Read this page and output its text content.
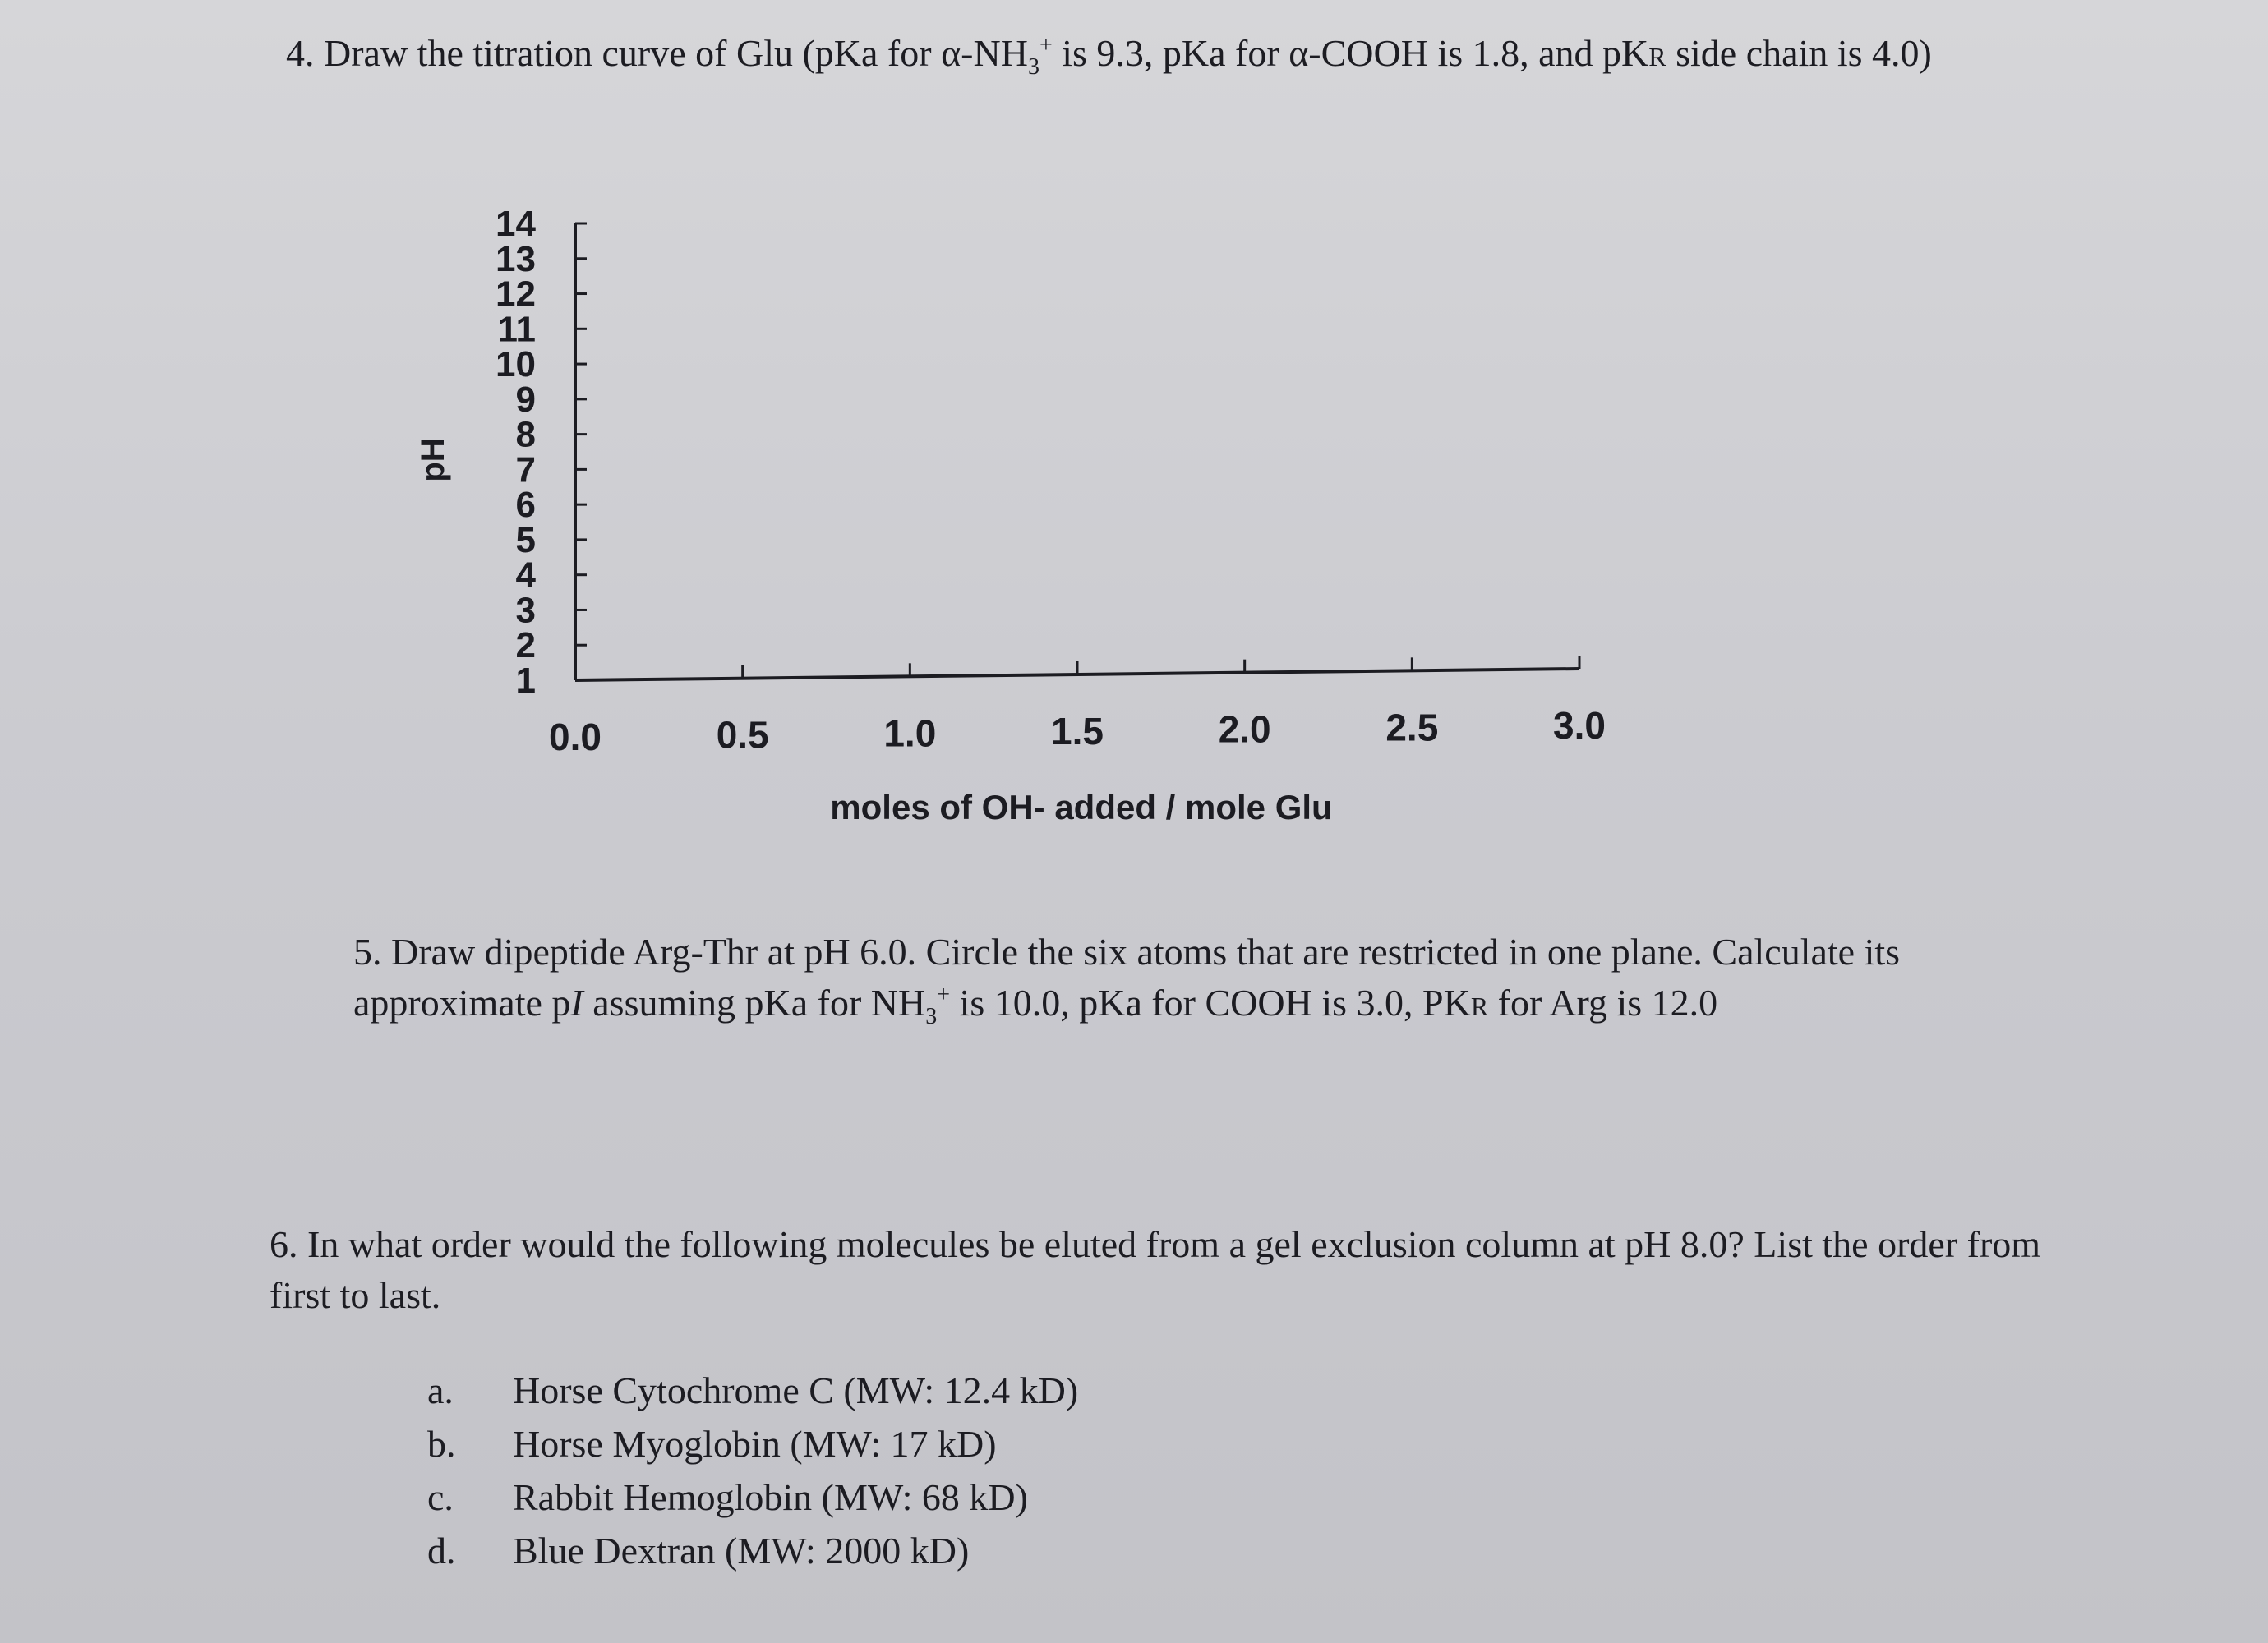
4. Draw the titration curve of Glu (pKa for $\alpha-NH_3^+$ is 9.3, pKa for α-COOH is 1.8, and pKR side chain is 4.0)
1
2
3
4
5
6
7
8
9
10
11
12
13
14
0.0	0.5	1.0	1.5	2.0	2.5	3.0
pH
moles of OH- added / mole Glu
5. Draw dipeptide Arg-Thr at pH 6.0. Circle the six atoms that are restricted in one plane. Calculate its approximate pI assuming pKa for $NH_3^+$ is 10.0, pKa for COOH is 3.0, PKR for Arg is 12.0
6. In what order would the following molecules be eluted from a gel exclusion column at pH 8.0? List the order from first to last.
a.	Horse Cytochrome C (MW: 12.4 kD)
b.	Horse Myoglobin (MW: 17 kD)
c.	Rabbit Hemoglobin (MW: 68 kD)
d.	Blue Dextran (MW: 2000 kD)
